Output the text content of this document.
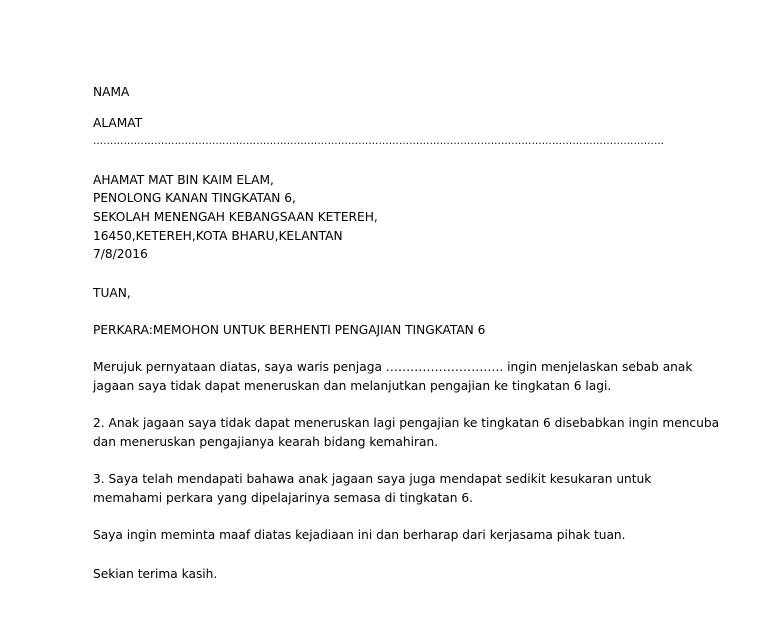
NAMA
ALAMAT
……………………………………………………………………………………………………………………………………………………
AHAMAT MAT BIN KAIM ELAM,
PENOLONG KANAN TINGKATAN 6,
SEKOLAH MENENGAH KEBANGSAAN KETEREH,
16450,KETEREH,KOTA BHARU,KELANTAN
7/8/2016
TUAN,
PERKARA:MEMOHON UNTUK BERHENTI PENGAJIAN TINGKATAN 6
Merujuk pernyataan diatas, saya waris penjaga ……………………….. ingin menjelaskan sebab anak
jagaan saya tidak dapat meneruskan dan melanjutkan pengajian ke tingkatan 6 lagi.
2. Anak jagaan saya tidak dapat meneruskan lagi pengajian ke tingkatan 6 disebabkan ingin mencuba
dan meneruskan pengajianya kearah bidang kemahiran.
3. Saya telah mendapati bahawa anak jagaan saya juga mendapat sedikit kesukaran untuk
memahami perkara yang dipelajarinya semasa di tingkatan 6.
Saya ingin meminta maaf diatas kejadiaan ini dan berharap dari kerjasama pihak tuan.
Sekian terima kasih.
